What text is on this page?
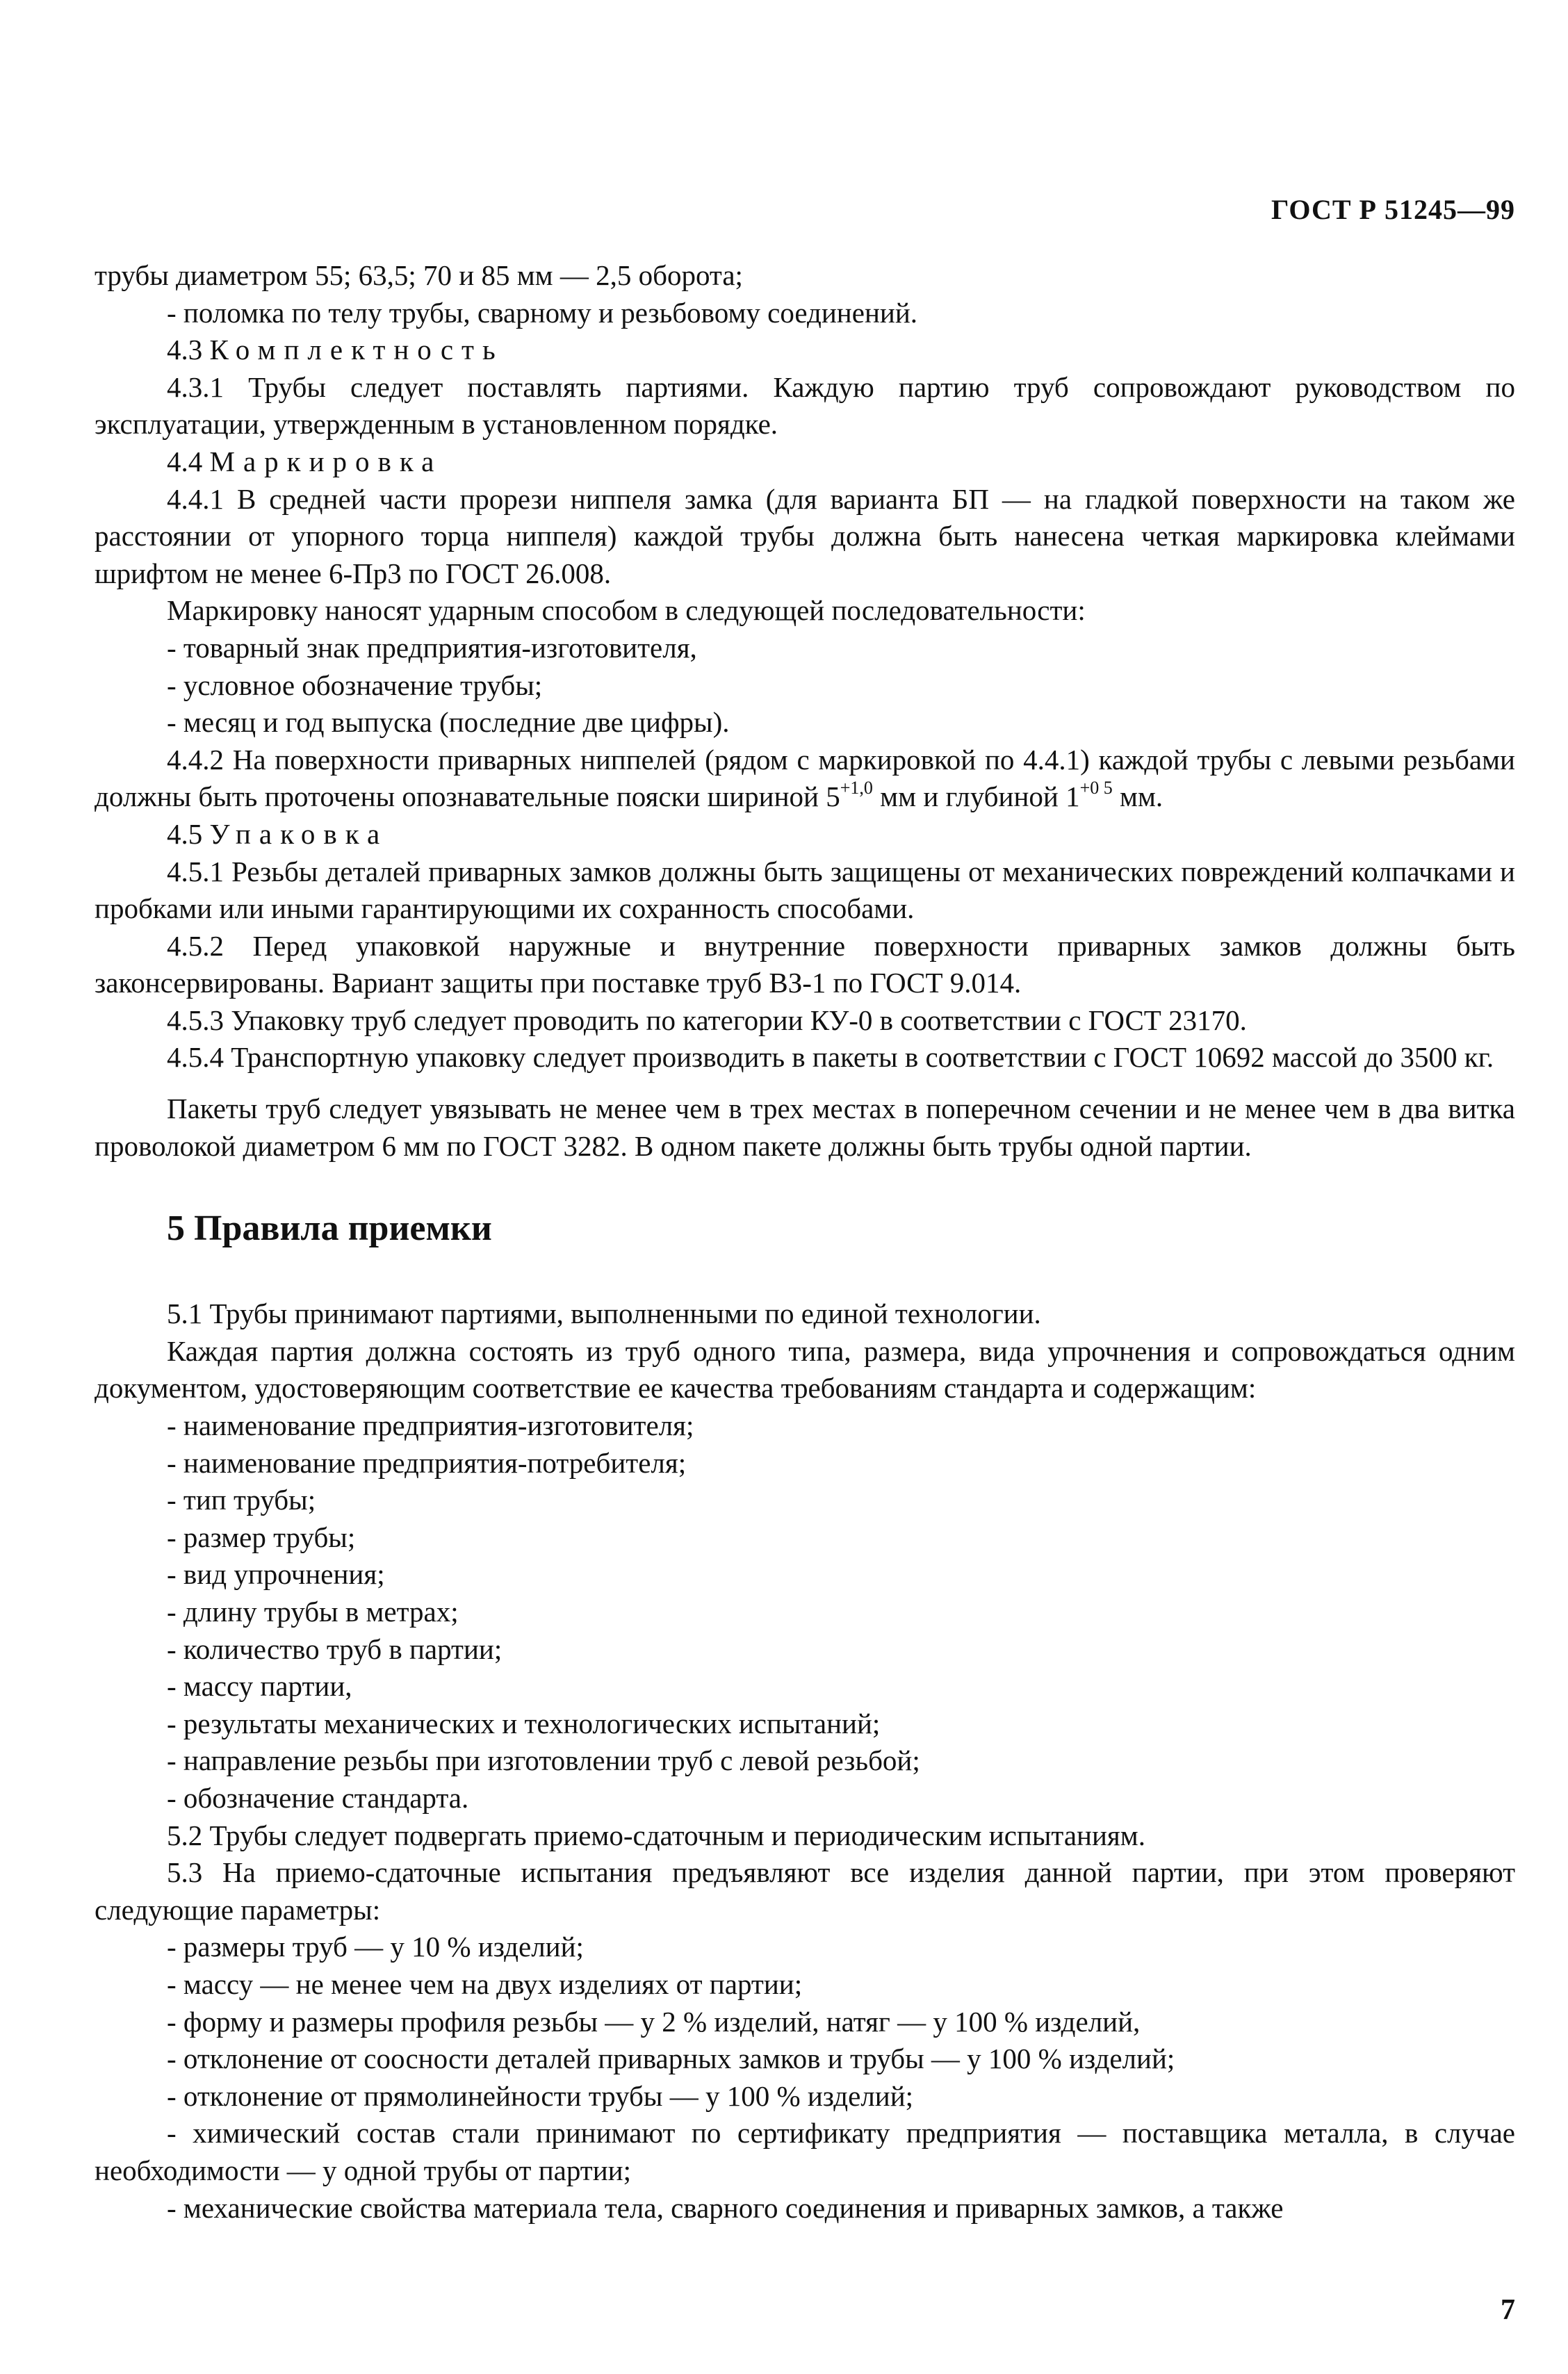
ГОСТ Р 51245—99

трубы диаметром 55; 63,5; 70 и 85 мм — 2,5 оборота;

- поломка по телу трубы, сварному и резьбовому соединений.

4.3 Комплектность

4.3.1 Трубы следует поставлять партиями. Каждую партию труб сопровождают руководством по эксплуатации, утвержденным в установленном порядке.

4.4 Маркировка

4.4.1 В средней части прорези ниппеля замка (для варианта БП — на гладкой поверхности на таком же расстоянии от упорного торца ниппеля) каждой трубы должна быть нанесена четкая маркировка клеймами шрифтом не менее 6-Пр3 по ГОСТ 26.008.

Маркировку наносят ударным способом в следующей последовательности:

- товарный знак предприятия-изготовителя,

- условное обозначение трубы;

- месяц и год выпуска (последние две цифры).

4.4.2 На поверхности приварных ниппелей (рядом с маркировкой по 4.4.1) каждой трубы с левыми резьбами должны быть проточены опознавательные пояски шириной $5^{+1,0}$ мм и глубиной $1^{+0 5}$ мм.

4.5 Упаковка

4.5.1 Резьбы деталей приварных замков должны быть защищены от механических повреждений колпачками и пробками или иными гарантирующими их сохранность способами.

4.5.2 Перед упаковкой наружные и внутренние поверхности приварных замков должны быть законсервированы. Вариант защиты при поставке труб ВЗ-1 по ГОСТ 9.014.

4.5.3 Упаковку труб следует проводить по категории КУ-0 в соответствии с ГОСТ 23170.

4.5.4 Транспортную упаковку следует производить в пакеты в соответствии с ГОСТ 10692 массой до 3500 кг.

Пакеты труб следует увязывать не менее чем в трех местах в поперечном сечении и не менее чем в два витка проволокой диаметром 6 мм по ГОСТ 3282. В одном пакете должны быть трубы одной партии.

5 Правила приемки

5.1 Трубы принимают партиями, выполненными по единой технологии.

Каждая партия должна состоять из труб одного типа, размера, вида упрочнения и сопровождаться одним документом, удостоверяющим соответствие ее качества требованиям стандарта и содержащим:

- наименование предприятия-изготовителя;

- наименование предприятия-потребителя;

- тип трубы;

- размер трубы;

- вид упрочнения;

- длину трубы в метрах;

- количество труб в партии;

- массу партии,

- результаты механических и технологических испытаний;

- направление резьбы при изготовлении труб с левой резьбой;

- обозначение стандарта.

5.2 Трубы следует подвергать приемо-сдаточным и периодическим испытаниям.

5.3 На приемо-сдаточные испытания предъявляют все изделия данной партии, при этом проверяют следующие параметры:

- размеры труб — у 10 % изделий;

- массу — не менее чем на двух изделиях от партии;

- форму и размеры профиля резьбы — у 2 % изделий, натяг — у 100 % изделий,

- отклонение от соосности деталей приварных замков и трубы — у 100 % изделий;

- отклонение от прямолинейности трубы — у 100 % изделий;

- химический состав стали принимают по сертификату предприятия — поставщика металла, в случае необходимости — у одной трубы от партии;

- механические свойства материала тела, сварного соединения и приварных замков, а также

7
